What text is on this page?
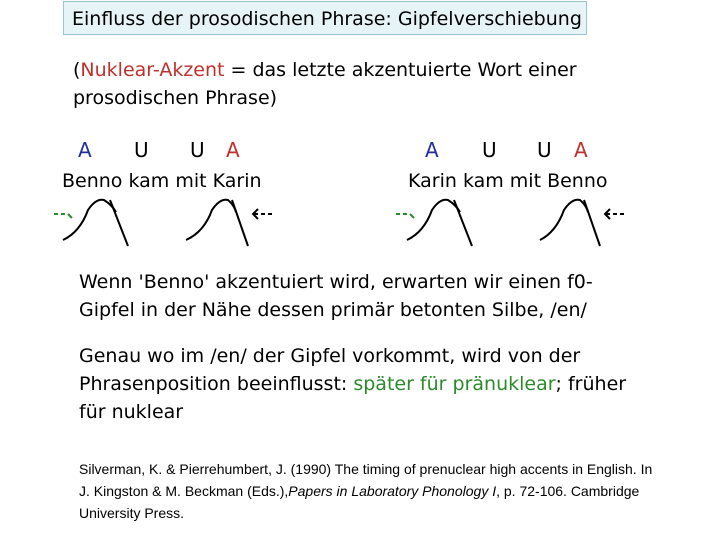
Einfluss der prosodischen Phrase: Gipfelverschiebung
(Nuklear-Akzent = das letzte akzentuierte Wort einer
prosodischen Phrase)
A U U A
Benno kam mit Karin
A U U A
Karin kam mit Benno
Wenn 'Benno' akzentuiert wird, erwarten wir einen f0-Gipfel in der Nähe dessen primär betonten Silbe, /en/
Genau wo im /en/ der Gipfel vorkommt, wird von der Phrasenposition beeinflusst: später für pränuklear; früher für nuklear
Silverman, K. & Pierrehumbert, J. (1990) The timing of prenuclear high accents in English. In J. Kingston & M. Beckman (Eds.),Papers in Laboratory Phonology I, p. 72-106. Cambridge University Press.
